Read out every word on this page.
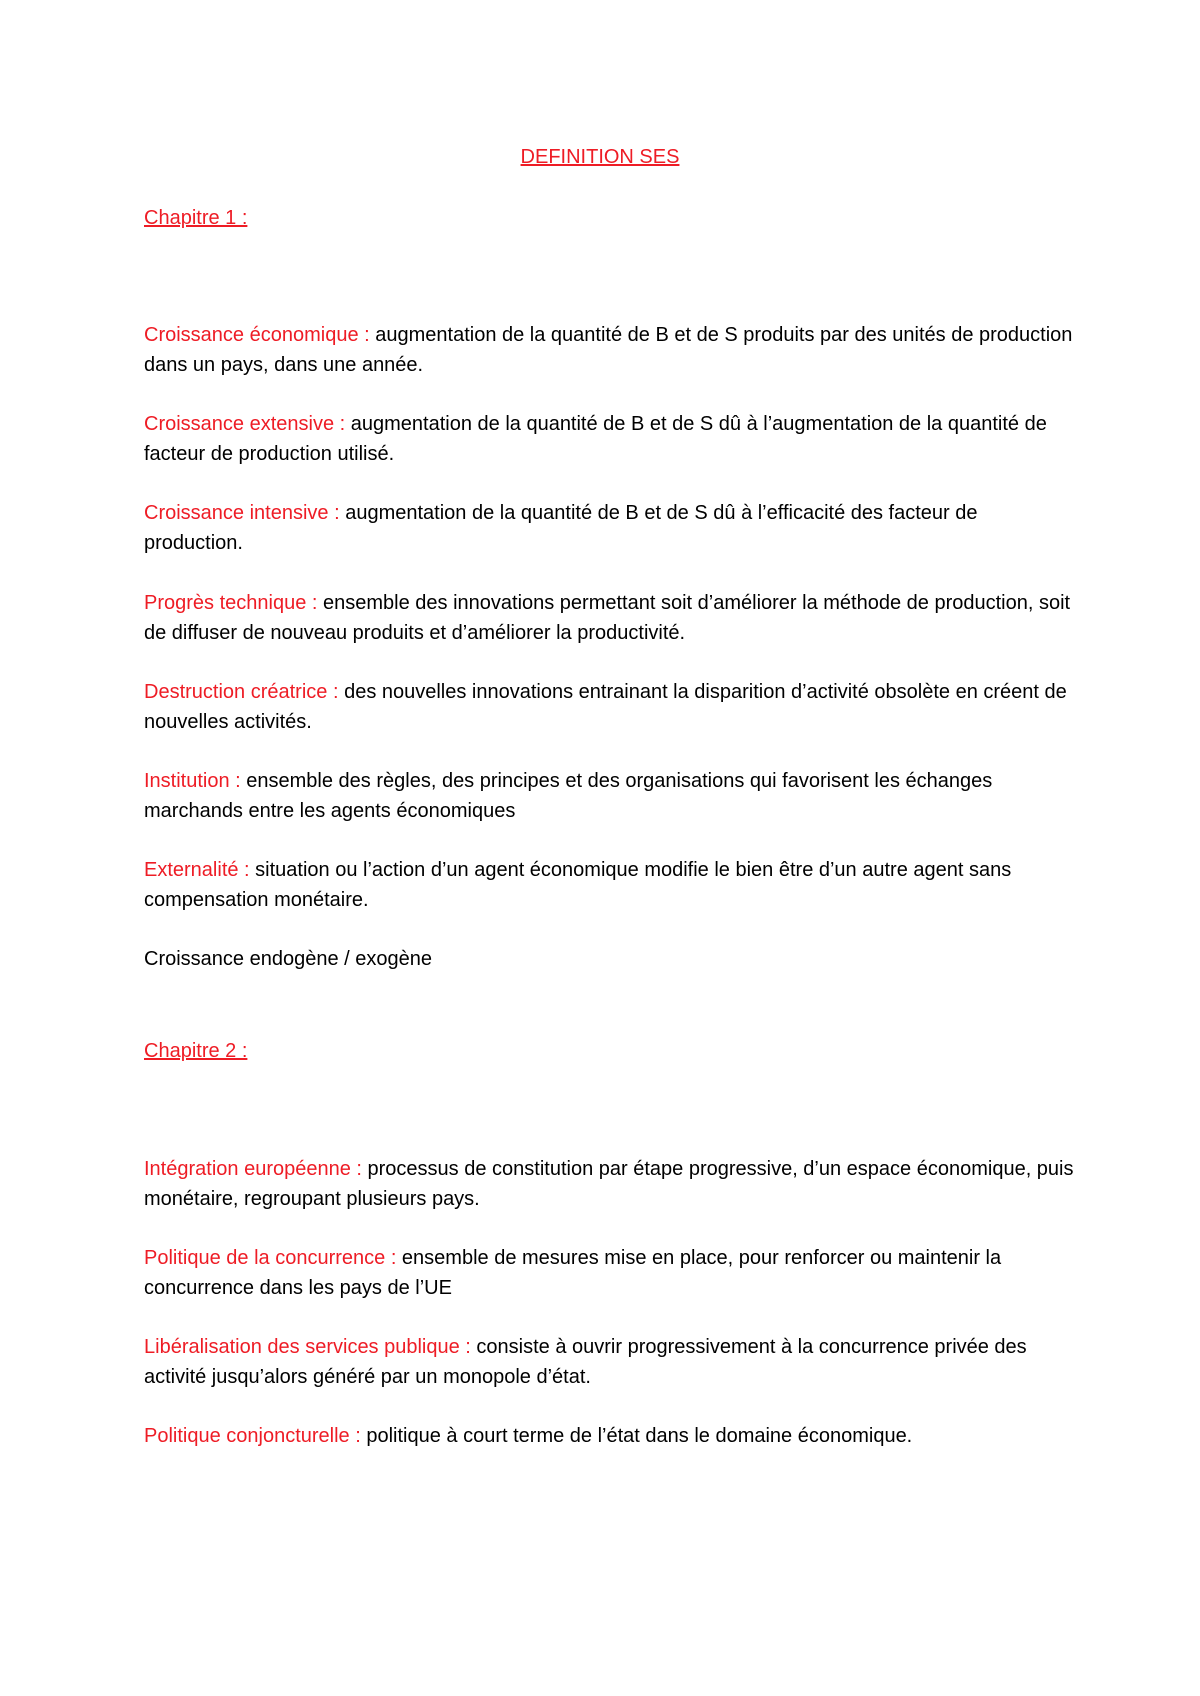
DEFINITION SES
Chapitre 1 :
Croissance économique : augmentation de la quantité de B et de S produits par des unités de production dans un pays, dans une année.
Croissance extensive : augmentation de la quantité de B et de S dû à l’augmentation de la quantité de facteur de production utilisé.
Croissance intensive : augmentation de la quantité de B et de S dû à l’efficacité des facteur de production.
Progrès technique : ensemble des innovations permettant soit d’améliorer la méthode de production, soit de diffuser de nouveau produits et d’améliorer la productivité.
Destruction créatrice : des nouvelles innovations entrainant la disparition d’activité obsolète en créent de nouvelles activités.
Institution : ensemble des règles, des principes et des organisations qui favorisent les échanges marchands entre les agents économiques
Externalité : situation ou l’action d’un agent économique modifie le bien être d’un autre agent sans compensation monétaire.
Croissance endogène / exogène
Chapitre 2 :
Intégration européenne : processus de constitution par étape progressive, d’un espace économique, puis monétaire, regroupant plusieurs pays.
Politique de la concurrence : ensemble de mesures mise en place, pour renforcer ou maintenir la concurrence dans les pays de l’UE
Libéralisation des services publique : consiste à ouvrir progressivement à la concurrence privée des activité jusqu’alors généré par un monopole d’état.
Politique conjoncturelle : politique à court terme de l’état dans le domaine économique.
